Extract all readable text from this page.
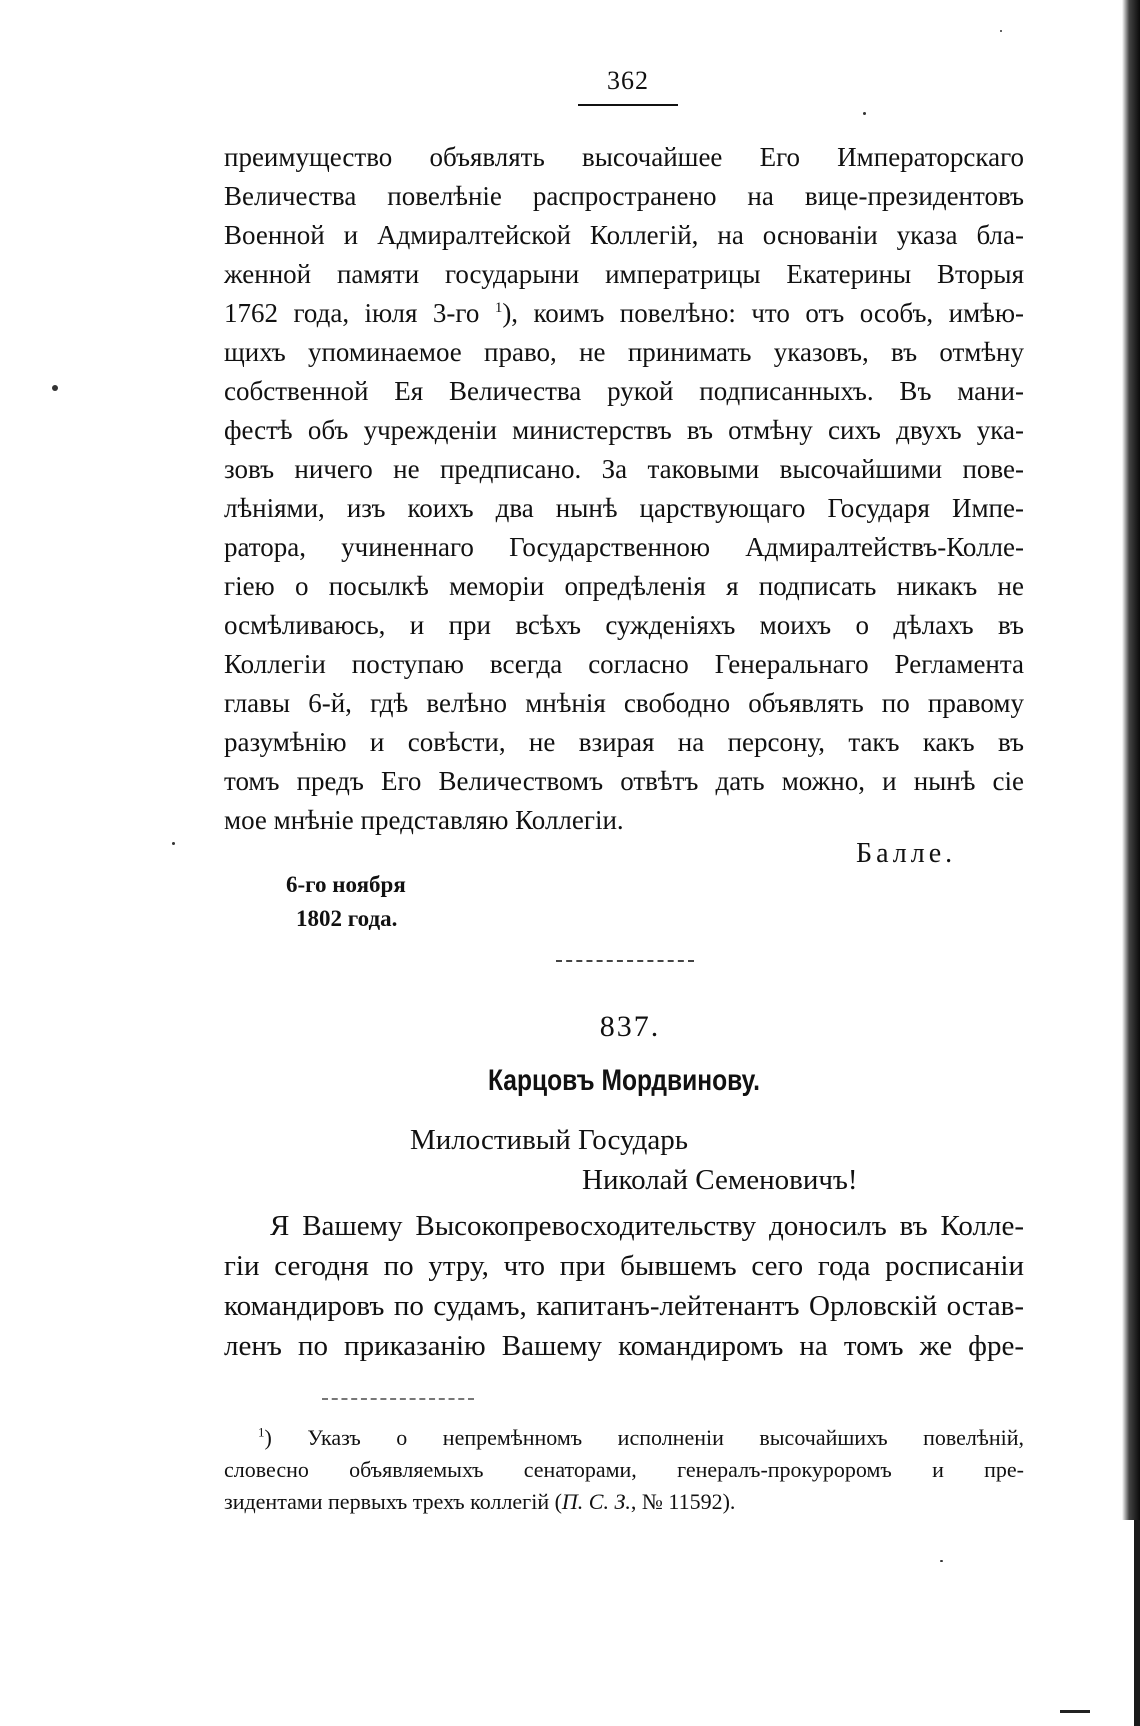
362
преимущество объявлять высочайшее Его Императорскаго
Величества повелѣніе распространено на вице-президентовъ
Военной и Адмиралтейской Коллегій, на основаніи указа бла-
женной памяти государыни императрицы Екатерины Вторыя
1762 года, іюля 3-го $^1$), коимъ повелѣно: что отъ особъ, имѣю-
щихъ упоминаемое право, не принимать указовъ, въ отмѣну
собственной Ея Величества рукой подписанныхъ. Въ мани-
фестѣ объ учрежденіи министерствъ въ отмѣну сихъ двухъ ука-
зовъ ничего не предписано. За таковыми высочайшими пове-
лѣніями, изъ коихъ два нынѣ царствующаго Государя Импе-
ратора, учиненнаго Государственною Адмиралтействъ-Колле-
гіею о посылкѣ меморіи опредѣленія я подписать никакъ не
осмѣливаюсь, и при всѣхъ сужденіяхъ моихъ о дѣлахъ въ
Коллегіи поступаю всегда согласно Генеральнаго Регламента
главы 6-й, гдѣ велѣно мнѣнія свободно объявлять по правому
разумѣнію и совѣсти, не взирая на персону, такъ какъ въ
томъ предъ Его Величествомъ отвѣтъ дать можно, и нынѣ сіе
мое мнѣніе представляю Коллегіи.
Балле.
6-го ноября
1802 года.
837.
Карцовъ Мордвинову.
Милостивый Государь
Николай Семеновичъ!
Я Вашему Высокопревосходительству доносилъ въ Колле-
гіи сегодня по утру, что при бывшемъ сего года росписаніи
командировъ по судамъ, капитанъ-лейтенантъ Орловскій остав-
ленъ по приказанію Вашему командиромъ на томъ же фре-
$^1$) Указъ о непремѣнномъ исполненіи высочайшихъ повелѣній,
словесно объявляемыхъ сенаторами, генералъ-прокуроромъ и пре-
зидентами первыхъ трехъ коллегій (П. С. З., № 11592).
